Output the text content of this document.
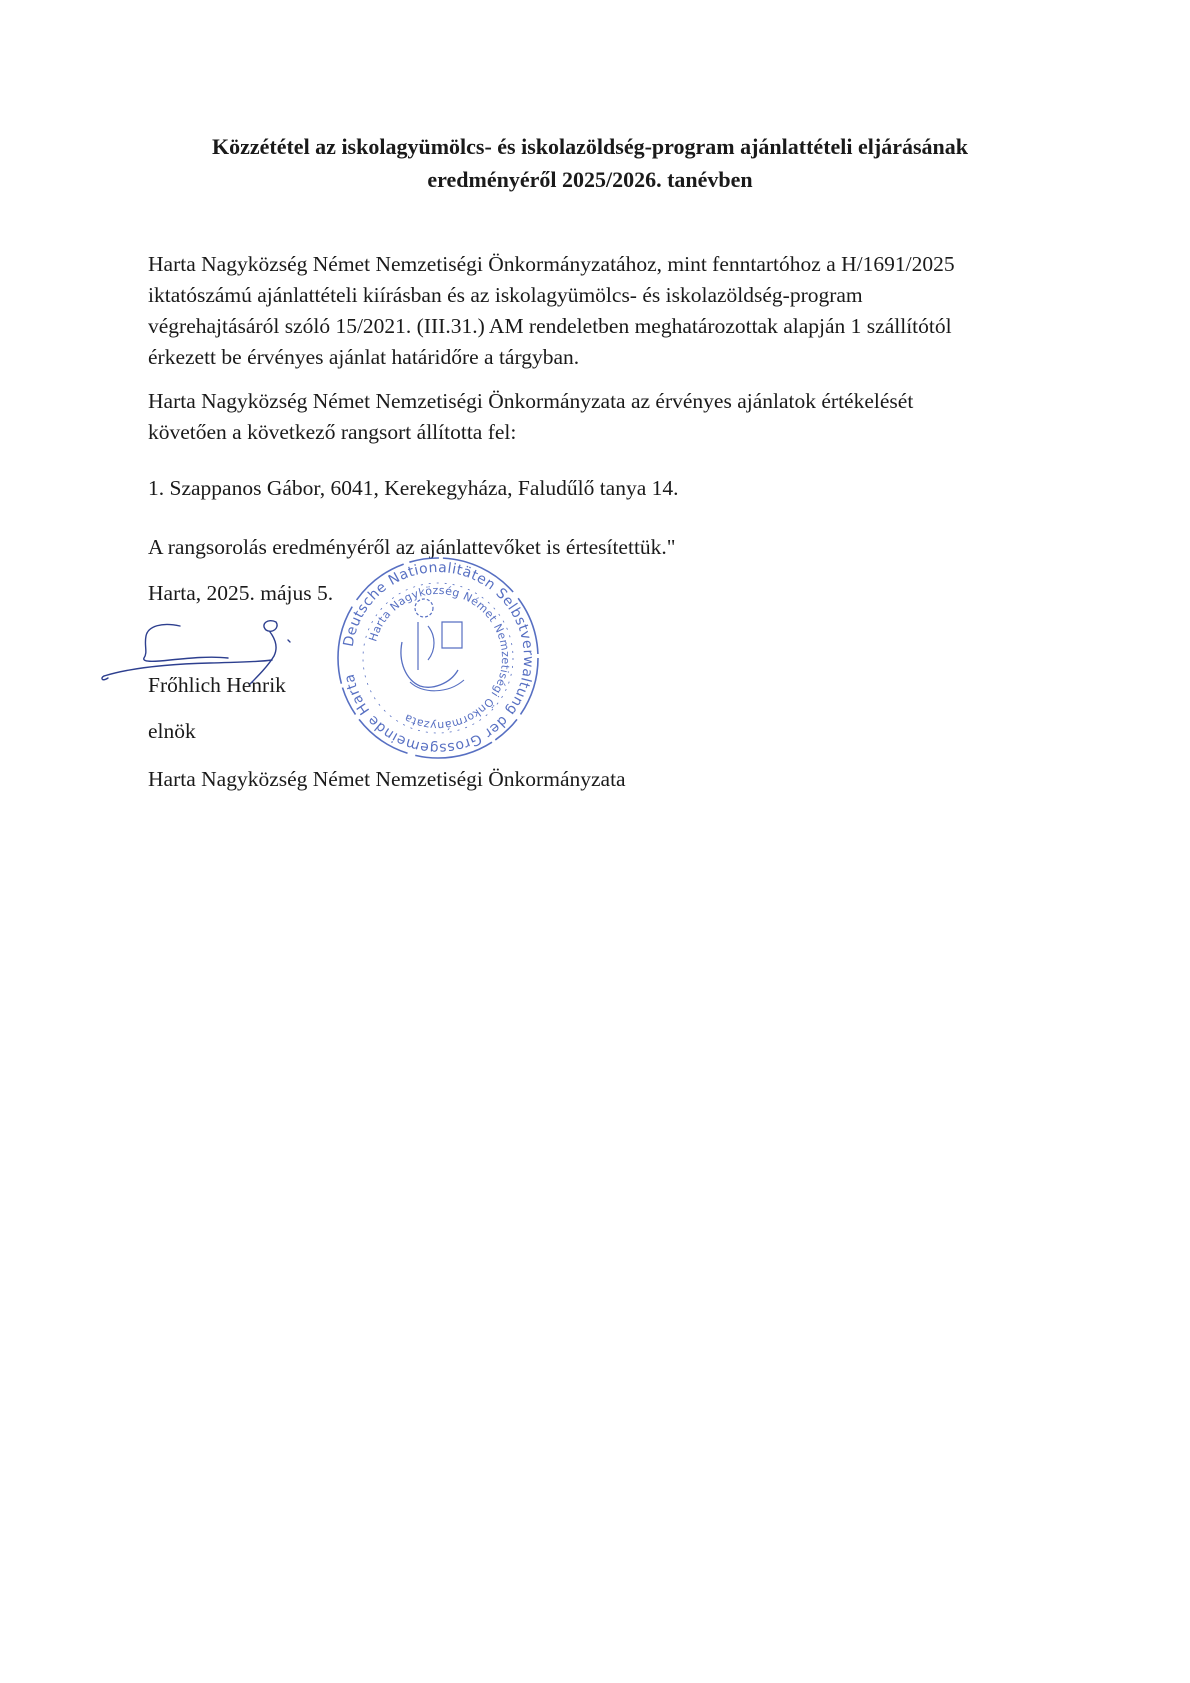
Közzététel az iskolagyümölcs- és iskolazöldség-program ajánlattételi eljárásának
eredményéről 2025/2026. tanévben
Harta Nagyközség Német Nemzetiségi Önkormányzatához, mint fenntartóhoz a H/1691/2025
iktatószámú ajánlattételi kiírásban és az iskolagyümölcs- és iskolazöldség-program
végrehajtásáról szóló 15/2021. (III.31.) AM rendeletben meghatározottak alapján 1 szállítótól
érkezett be érvényes ajánlat határidőre a tárgyban.
Harta Nagyközség Német Nemzetiségi Önkormányzata az érvényes ajánlatok értékelését
követően a következő rangsort állította fel:
1. Szappanos Gábor, 6041, Kerekegyháza, Faludűlő tanya 14.
A rangsorolás eredményéről az ajánlattevőket is értesítettük."
Harta, 2025. május 5.
Frőhlich Henrik
elnök
Harta Nagyközség Német Nemzetiségi Önkormányzata
Deutsche Nationalitäten Selbstverwaltung der Grossgemeinde Harta
Harta Nagyközség Német Nemzetiségi Önkormányzata
